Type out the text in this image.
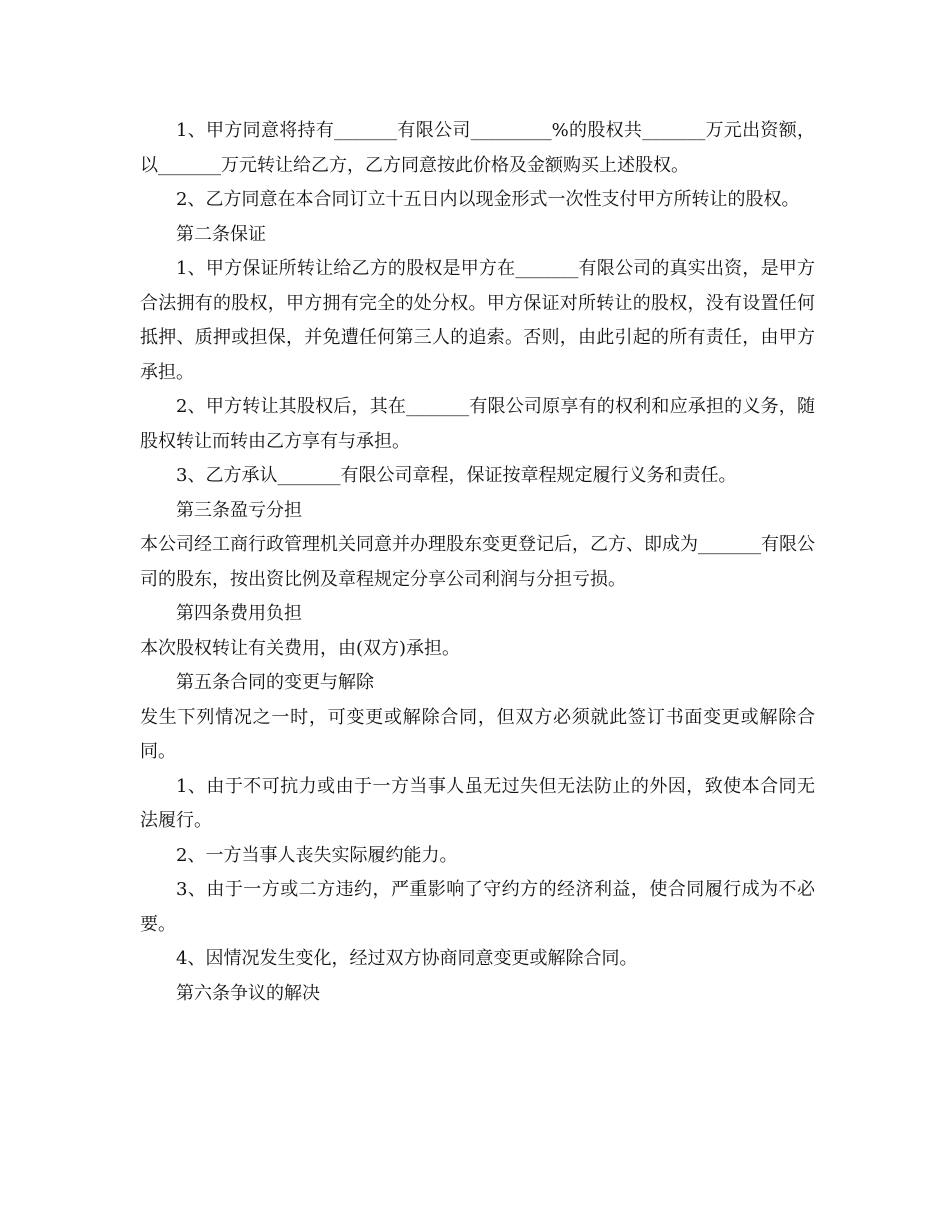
1、甲方同意将持有_______有限公司_________%的股权共_______万元出资额，以_______万元转让给乙方，乙方同意按此价格及金额购买上述股权。

2、乙方同意在本合同订立十五日内以现金形式一次性支付甲方所转让的股权。

第二条保证

1、甲方保证所转让给乙方的股权是甲方在_______有限公司的真实出资，是甲方合法拥有的股权，甲方拥有完全的处分权。甲方保证对所转让的股权，没有设置任何抵押、质押或担保，并免遭任何第三人的追索。否则，由此引起的所有责任，由甲方承担。

2、甲方转让其股权后，其在_______有限公司原享有的权利和应承担的义务，随股权转让而转由乙方享有与承担。

3、乙方承认_______有限公司章程，保证按章程规定履行义务和责任。

第三条盈亏分担

本公司经工商行政管理机关同意并办理股东变更登记后，乙方、即成为_______有限公司的股东，按出资比例及章程规定分享公司利润与分担亏损。

第四条费用负担

本次股权转让有关费用，由(双方)承担。

第五条合同的变更与解除

发生下列情况之一时，可变更或解除合同，但双方必须就此签订书面变更或解除合同。

1、由于不可抗力或由于一方当事人虽无过失但无法防止的外因，致使本合同无法履行。

2、一方当事人丧失实际履约能力。

3、由于一方或二方违约，严重影响了守约方的经济利益，使合同履行成为不必要。

4、因情况发生变化，经过双方协商同意变更或解除合同。

第六条争议的解决
